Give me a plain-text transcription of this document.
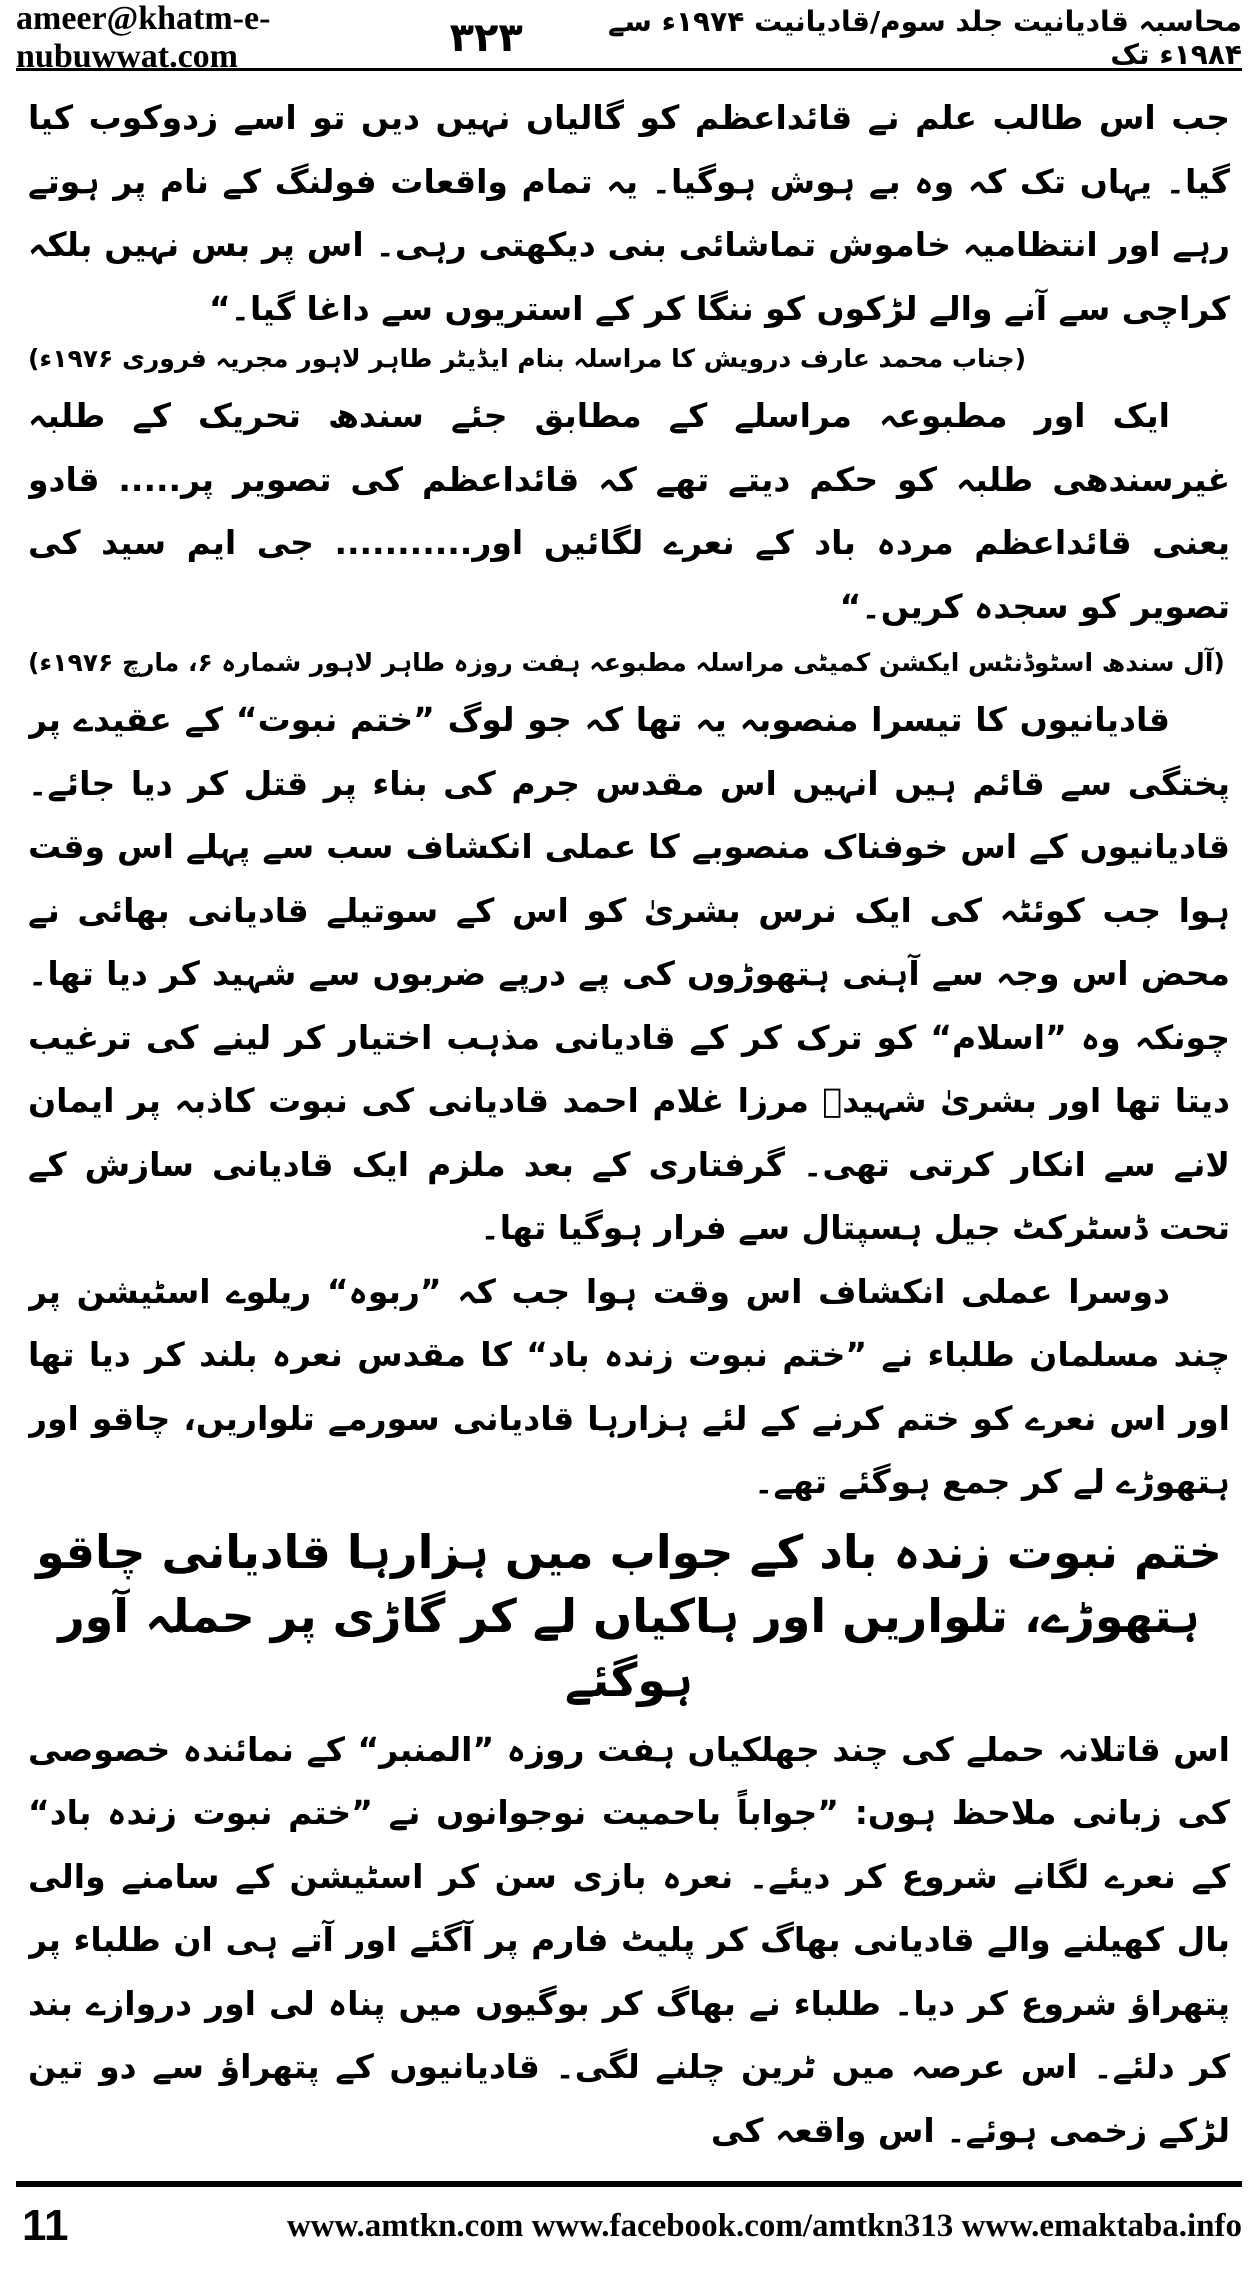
ameer@khatm-e-nubuwwat.com
محاسبہ قادیانیت جلد سوم/قادیانیت ۱۹۷۴ء سے ۱۹۸۴ء تک
۳۲۳

جب اس طالب علم نے قائداعظم کو گالیاں نہیں دیں تو اسے زدوکوب کیا گیا۔ یہاں تک کہ وہ بے ہوش ہوگیا۔ یہ تمام واقعات فولنگ کے نام پر ہوتے رہے اور انتظامیہ خاموش تماشائی بنی دیکھتی رہی۔ اس پر بس نہیں بلکہ کراچی سے آنے والے لڑکوں کو ننگا کر کے استریوں سے داغا گیا۔“

(جناب محمد عارف درویش کا مراسلہ بنام ایڈیٹر طاہر لاہور مجریہ فروری ۱۹۷۶ء)

ایک اور مطبوعہ مراسلے کے مطابق جئے سندھ تحریک کے طلبہ غیرسندھی طلبہ کو حکم دیتے تھے کہ قائداعظم کی تصویر پر..... قادو یعنی قائداعظم مردہ باد کے نعرے لگائیں اور........... جی ایم سید کی تصویر کو سجدہ کریں۔“

(آل سندھ اسٹوڈنٹس ایکشن کمیٹی مراسلہ مطبوعہ ہفت روزہ طاہر لاہور شمارہ ۶، مارچ ۱۹۷۶ء)

قادیانیوں کا تیسرا منصوبہ یہ تھا کہ جو لوگ ”ختم نبوت“ کے عقیدے پر پختگی سے قائم ہیں انہیں اس مقدس جرم کی بناء پر قتل کر دیا جائے۔ قادیانیوں کے اس خوفناک منصوبے کا عملی انکشاف سب سے پہلے اس وقت ہوا جب کوئٹہ کی ایک نرس بشریٰ کو اس کے سوتیلے قادیانی بھائی نے محض اس وجہ سے آہنی ہتھوڑوں کی پے درپے ضربوں سے شہید کر دیا تھا۔ چونکہ وہ ”اسلام“ کو ترک کر کے قادیانی مذہب اختیار کر لینے کی ترغیب دیتا تھا اور بشریٰ شہیدؒ مرزا غلام احمد قادیانی کی نبوت کاذبہ پر ایمان لانے سے انکار کرتی تھی۔ گرفتاری کے بعد ملزم ایک قادیانی سازش کے تحت ڈسٹرکٹ جیل ہسپتال سے فرار ہوگیا تھا۔

دوسرا عملی انکشاف اس وقت ہوا جب کہ ”ربوہ“ ریلوے اسٹیشن پر چند مسلمان طلباء نے ”ختم نبوت زندہ باد“ کا مقدس نعرہ بلند کر دیا تھا اور اس نعرے کو ختم کرنے کے لئے ہزارہا قادیانی سورمے تلواریں، چاقو اور ہتھوڑے لے کر جمع ہوگئے تھے۔

ختم نبوت زندہ باد کے جواب میں ہزارہا قادیانی چاقو ہتھوڑے، تلواریں اور ہاکیاں لے کر گاڑی پر حملہ آور ہوگئے

اس قاتلانہ حملے کی چند جھلکیاں ہفت روزہ ”المنبر“ کے نمائندہ خصوصی کی زبانی ملاحظ ہوں: ”جواباً باحمیت نوجوانوں نے ”ختم نبوت زندہ باد“ کے نعرے لگانے شروع کر دیئے۔ نعرہ بازی سن کر اسٹیشن کے سامنے والی بال کھیلنے والے قادیانی بھاگ کر پلیٹ فارم پر آگئے اور آتے ہی ان طلباء پر پتھراؤ شروع کر دیا۔ طلباء نے بھاگ کر بوگیوں میں پناہ لی اور دروازے بند کر دلئے۔ اس عرصہ میں ٹرین چلنے لگی۔ قادیانیوں کے پتھراؤ سے دو تین لڑکے زخمی ہوئے۔ اس واقعہ کی

11	www.amtkn.com www.facebook.com/amtkn313 www.emaktaba.info
